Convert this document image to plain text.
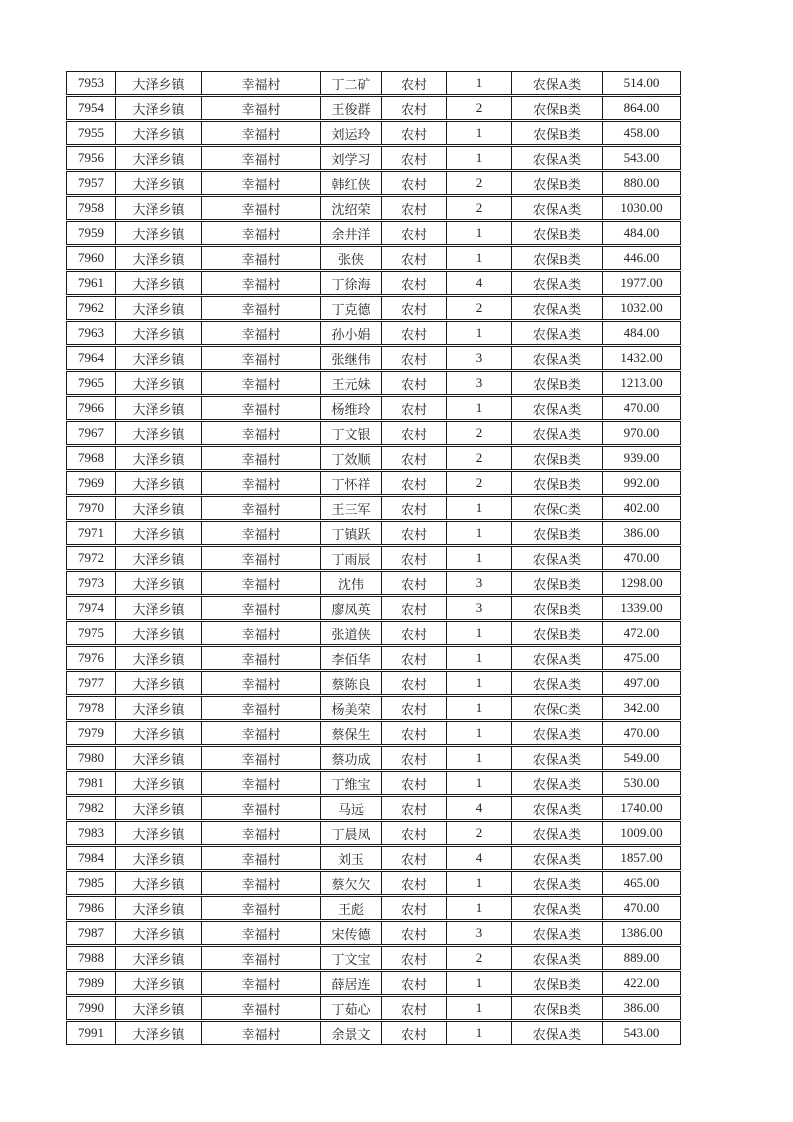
7953	大泽乡镇	幸福村	丁二矿	农村	1	农保A类	514.00
7954	大泽乡镇	幸福村	王俊群	农村	2	农保B类	864.00
7955	大泽乡镇	幸福村	刘运玲	农村	1	农保B类	458.00
7956	大泽乡镇	幸福村	刘学习	农村	1	农保A类	543.00
7957	大泽乡镇	幸福村	韩红侠	农村	2	农保B类	880.00
7958	大泽乡镇	幸福村	沈绍荣	农村	2	农保A类	1030.00
7959	大泽乡镇	幸福村	余井洋	农村	1	农保B类	484.00
7960	大泽乡镇	幸福村	张侠	农村	1	农保B类	446.00
7961	大泽乡镇	幸福村	丁徐海	农村	4	农保A类	1977.00
7962	大泽乡镇	幸福村	丁克德	农村	2	农保A类	1032.00
7963	大泽乡镇	幸福村	孙小娟	农村	1	农保A类	484.00
7964	大泽乡镇	幸福村	张继伟	农村	3	农保A类	1432.00
7965	大泽乡镇	幸福村	王元妹	农村	3	农保B类	1213.00
7966	大泽乡镇	幸福村	杨维玲	农村	1	农保A类	470.00
7967	大泽乡镇	幸福村	丁文银	农村	2	农保A类	970.00
7968	大泽乡镇	幸福村	丁效顺	农村	2	农保B类	939.00
7969	大泽乡镇	幸福村	丁怀祥	农村	2	农保B类	992.00
7970	大泽乡镇	幸福村	王三军	农村	1	农保C类	402.00
7971	大泽乡镇	幸福村	丁镇跃	农村	1	农保B类	386.00
7972	大泽乡镇	幸福村	丁雨辰	农村	1	农保A类	470.00
7973	大泽乡镇	幸福村	沈伟	农村	3	农保B类	1298.00
7974	大泽乡镇	幸福村	廖凤英	农村	3	农保B类	1339.00
7975	大泽乡镇	幸福村	张道侠	农村	1	农保B类	472.00
7976	大泽乡镇	幸福村	李佰华	农村	1	农保A类	475.00
7977	大泽乡镇	幸福村	蔡陈良	农村	1	农保A类	497.00
7978	大泽乡镇	幸福村	杨美荣	农村	1	农保C类	342.00
7979	大泽乡镇	幸福村	蔡保生	农村	1	农保A类	470.00
7980	大泽乡镇	幸福村	蔡功成	农村	1	农保A类	549.00
7981	大泽乡镇	幸福村	丁维宝	农村	1	农保A类	530.00
7982	大泽乡镇	幸福村	马远	农村	4	农保A类	1740.00
7983	大泽乡镇	幸福村	丁晨凤	农村	2	农保A类	1009.00
7984	大泽乡镇	幸福村	刘玉	农村	4	农保A类	1857.00
7985	大泽乡镇	幸福村	蔡欠欠	农村	1	农保A类	465.00
7986	大泽乡镇	幸福村	王彪	农村	1	农保A类	470.00
7987	大泽乡镇	幸福村	宋传德	农村	3	农保A类	1386.00
7988	大泽乡镇	幸福村	丁文宝	农村	2	农保A类	889.00
7989	大泽乡镇	幸福村	薛居连	农村	1	农保B类	422.00
7990	大泽乡镇	幸福村	丁茹心	农村	1	农保B类	386.00
7991	大泽乡镇	幸福村	余景文	农村	1	农保A类	543.00
